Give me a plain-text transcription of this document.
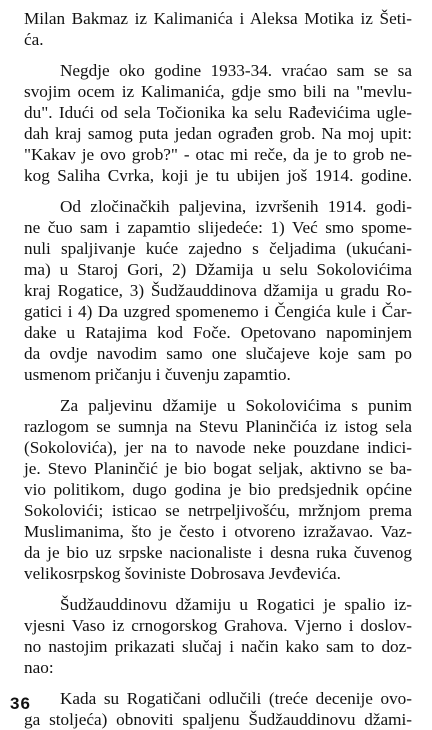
Milan Bakmaz iz Kalimanića i Aleksa Motika iz Šeti-
ća.
Negdje oko godine 1933-34. vraćao sam se sa
svojim ocem iz Kalimanića, gdje smo bili na "mevlu-
du". Idući od sela Točionika ka selu Rađevićima ugle-
dah kraj samog puta jedan ograđen grob. Na moj upit:
"Kakav je ovo grob?" - otac mi reče, da je to grob ne-
kog Saliha Cvrka, koji je tu ubijen još 1914. godine.
Od zločinačkih paljevina, izvršenih 1914. godi-
ne čuo sam i zapamtio slijedeće: 1) Već smo spome-
nuli spaljivanje kuće zajedno s čeljadima (ukućani-
ma) u Staroj Gori, 2) Džamija u selu Sokolovićima
kraj Rogatice, 3) Šudžauddinova džamija u gradu Ro-
gatici i 4) Da uzgred spomenemo i Čengića kule i Čar-
dake u Ratajima kod Foče. Opetovano napominjem
da ovdje navodim samo one slučajeve koje sam po
usmenom pričanju i čuvenju zapamtio.
Za paljevinu džamije u Sokolovićima s punim
razlogom se sumnja na Stevu Planinčića iz istog sela
(Sokolovića), jer na to navode neke pouzdane indici-
je. Stevo Planinčić je bio bogat seljak, aktivno se ba-
vio politikom, dugo godina je bio predsjednik općine
Sokolovići; isticao se netrpeljivošću, mržnjom prema
Muslimanima, što je često i otvoreno izražavao. Vaz-
da je bio uz srpske nacionaliste i desna ruka čuvenog
velikosrpskog šoviniste Dobrosava Jevđevića.
Šudžauddinovu džamiju u Rogatici je spalio iz-
vjesni Vaso iz crnogorskog Grahova. Vjerno i doslov-
no nastojim prikazati slučaj i način kako sam to doz-
nao:
Kada su Rogatičani odlučili (treće decenije ovo-
ga stoljeća) obnoviti spaljenu Šudžauddinovu džami-
36
